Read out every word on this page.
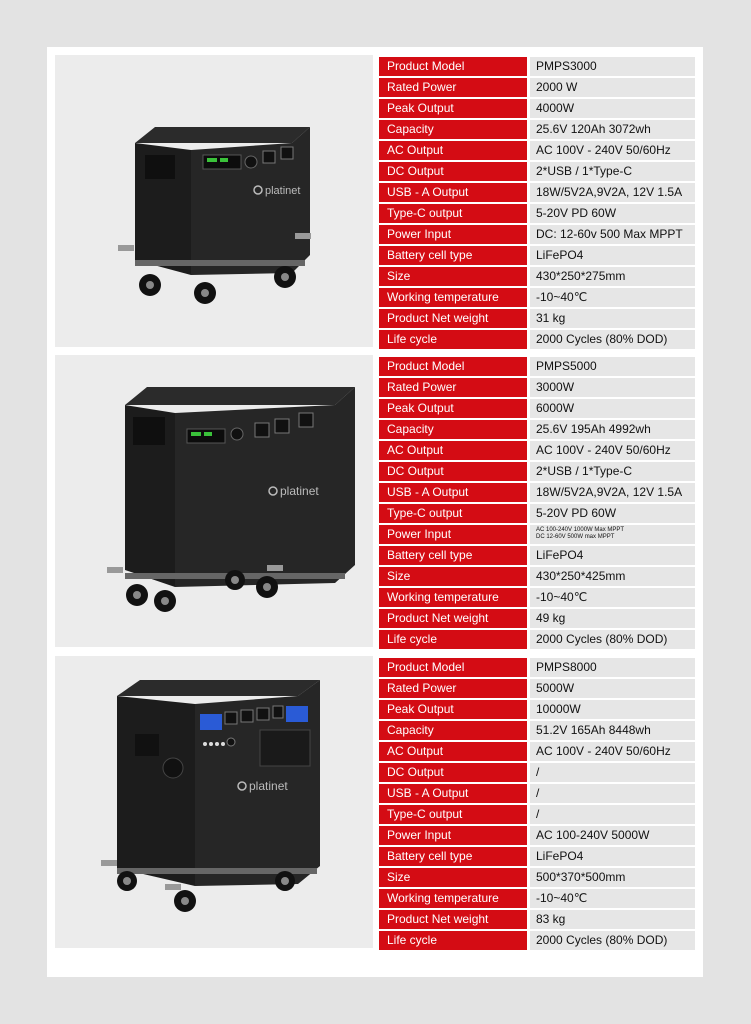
platinet
Product Model	PMPS3000
Rated Power	2000 W
Peak Output	4000W
Capacity	25.6V 120Ah 3072wh
AC Output	AC 100V - 240V 50/60Hz
DC Output	2*USB / 1*Type-C
USB - A Output	18W/5V2A,9V2A, 12V 1.5A
Type-C output	5-20V PD 60W
Power Input	DC: 12-60v 500 Max MPPT
Battery cell type	LiFePO4
Size	430*250*275mm
Working temperature	-10~40℃
Product Net weight	31 kg
Life cycle	2000 Cycles (80% DOD)
platinet
Product Model	PMPS5000
Rated Power	3000W
Peak Output	6000W
Capacity	25.6V 195Ah 4992wh
AC Output	AC 100V - 240V 50/60Hz
DC Output	2*USB / 1*Type-C
USB - A Output	18W/5V2A,9V2A, 12V 1.5A
Type-C output	5-20V PD 60W
Power Input	AC 100-240V 1000W Max MPPT
DC 12-60V 500W max MPPT
Battery cell type	LiFePO4
Size	430*250*425mm
Working temperature	-10~40℃
Product Net weight	49 kg
Life cycle	2000 Cycles (80% DOD)
platinet
Product Model	PMPS8000
Rated Power	5000W
Peak Output	10000W
Capacity	51.2V 165Ah 8448wh
AC Output	AC 100V - 240V 50/60Hz
DC Output	/
USB - A Output	/
Type-C output	/
Power Input	AC 100-240V 5000W
Battery cell type	LiFePO4
Size	500*370*500mm
Working temperature	-10~40℃
Product Net weight	83 kg
Life cycle	2000 Cycles (80% DOD)
